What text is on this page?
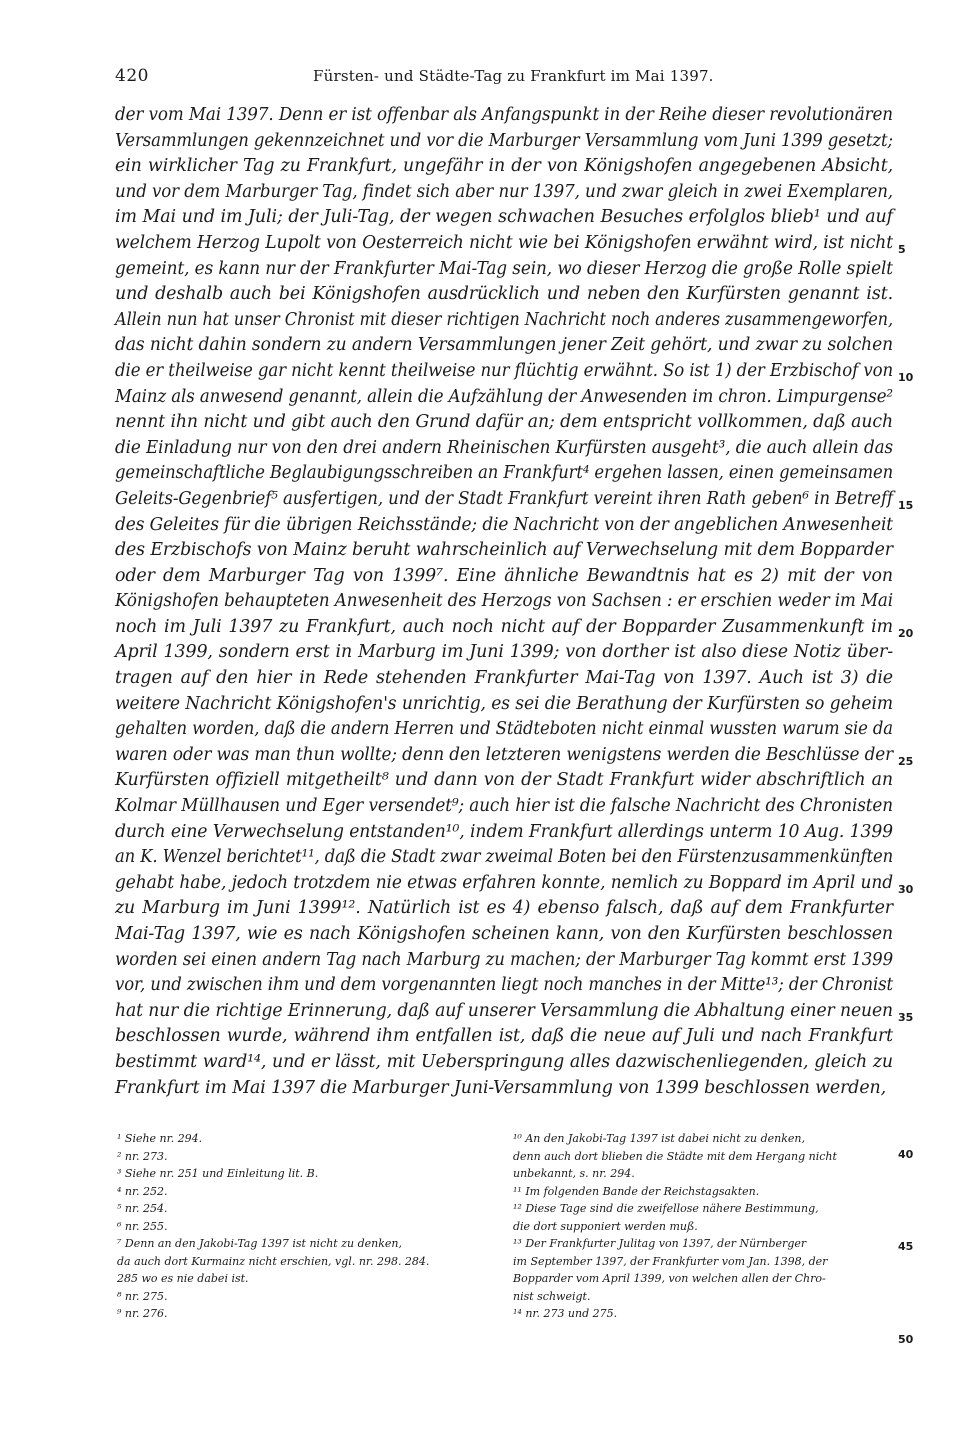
420	Fürsten- und Städte-Tag zu Frankfurt im Mai 1397.
der vom Mai 1397. Denn er ist offenbar als Anfangspunkt in der Reihe dieser revolutionären
Versammlungen gekennzeichnet und vor die Marburger Versammlung vom Juni 1399 gesetzt;
ein wirklicher Tag zu Frankfurt, ungefähr in der von Königshofen angegebenen Absicht,
und vor dem Marburger Tag, findet sich aber nur 1397, und zwar gleich in zwei Exemplaren,
im Mai und im Juli; der Juli-Tag, der wegen schwachen Besuches erfolglos blieb¹ und auf
welchem Herzog Lupolt von Oesterreich nicht wie bei Königshofen erwähnt wird, ist nicht
gemeint, es kann nur der Frankfurter Mai-Tag sein, wo dieser Herzog die große Rolle spielt
und deshalb auch bei Königshofen ausdrücklich und neben den Kurfürsten genannt ist.
Allein nun hat unser Chronist mit dieser richtigen Nachricht noch anderes zusammengeworfen,
das nicht dahin sondern zu andern Versammlungen jener Zeit gehört, und zwar zu solchen
die er theilweise gar nicht kennt theilweise nur flüchtig erwähnt. So ist 1) der Erzbischof von
Mainz als anwesend genannt, allein die Aufzählung der Anwesenden im chron. Limpurgense²
nennt ihn nicht und gibt auch den Grund dafür an; dem entspricht vollkommen, daß auch
die Einladung nur von den drei andern Rheinischen Kurfürsten ausgeht³, die auch allein das
gemeinschaftliche Beglaubigungsschreiben an Frankfurt⁴ ergehen lassen, einen gemeinsamen
Geleits-Gegenbrief⁵ ausfertigen, und der Stadt Frankfurt vereint ihren Rath geben⁶ in Betreff
des Geleites für die übrigen Reichsstände; die Nachricht von der angeblichen Anwesenheit
des Erzbischofs von Mainz beruht wahrscheinlich auf Verwechselung mit dem Bopparder
oder dem Marburger Tag von 1399⁷. Eine ähnliche Bewandtnis hat es 2) mit der von
Königshofen behaupteten Anwesenheit des Herzogs von Sachsen : er erschien weder im Mai
noch im Juli 1397 zu Frankfurt, auch noch nicht auf der Bopparder Zusammenkunft im
April 1399, sondern erst in Marburg im Juni 1399; von dorther ist also diese Notiz über-
tragen auf den hier in Rede stehenden Frankfurter Mai-Tag von 1397. Auch ist 3) die
weitere Nachricht Königshofen's unrichtig, es sei die Berathung der Kurfürsten so geheim
gehalten worden, daß die andern Herren und Städteboten nicht einmal wussten warum sie da
waren oder was man thun wollte; denn den letzteren wenigstens werden die Beschlüsse der
Kurfürsten offiziell mitgetheilt⁸ und dann von der Stadt Frankfurt wider abschriftlich an
Kolmar Müllhausen und Eger versendet⁹; auch hier ist die falsche Nachricht des Chronisten
durch eine Verwechselung entstanden¹⁰, indem Frankfurt allerdings unterm 10 Aug. 1399
an K. Wenzel berichtet¹¹, daß die Stadt zwar zweimal Boten bei den Fürstenzusammenkünften
gehabt habe, jedoch trotzdem nie etwas erfahren konnte, nemlich zu Boppard im April und
zu Marburg im Juni 1399¹². Natürlich ist es 4) ebenso falsch, daß auf dem Frankfurter
Mai-Tag 1397, wie es nach Königshofen scheinen kann, von den Kurfürsten beschlossen
worden sei einen andern Tag nach Marburg zu machen; der Marburger Tag kommt erst 1399
vor, und zwischen ihm und dem vorgenannten liegt noch manches in der Mitte¹³; der Chronist
hat nur die richtige Erinnerung, daß auf unserer Versammlung die Abhaltung einer neuen
beschlossen wurde, während ihm entfallen ist, daß die neue auf Juli und nach Frankfurt
bestimmt ward¹⁴, und er lässt, mit Ueberspringung alles dazwischenliegenden, gleich zu
Frankfurt im Mai 1397 die Marburger Juni-Versammlung von 1399 beschlossen werden,
5
10
15
20
25
30
35
40
45
50
¹ Siehe nr. 294.
² nr. 273.
³ Siehe nr. 251 und Einleitung lit. B.
⁴ nr. 252.
⁵ nr. 254.
⁶ nr. 255.
⁷ Denn an den Jakobi-Tag 1397 ist nicht zu denken,
da auch dort Kurmainz nicht erschien, vgl. nr. 298. 284.
285 wo es nie dabei ist.
⁸ nr. 275.
⁹ nr. 276.
¹⁰ An den Jakobi-Tag 1397 ist dabei nicht zu denken,
denn auch dort blieben die Städte mit dem Hergang nicht
unbekannt, s. nr. 294.
¹¹ Im folgenden Bande der Reichstagsakten.
¹² Diese Tage sind die zweifellose nähere Bestimmung,
die dort supponiert werden muß.
¹³ Der Frankfurter Julitag von 1397, der Nürnberger
im September 1397, der Frankfurter vom Jan. 1398, der
Bopparder vom April 1399, von welchen allen der Chro-
nist schweigt.
¹⁴ nr. 273 und 275.
